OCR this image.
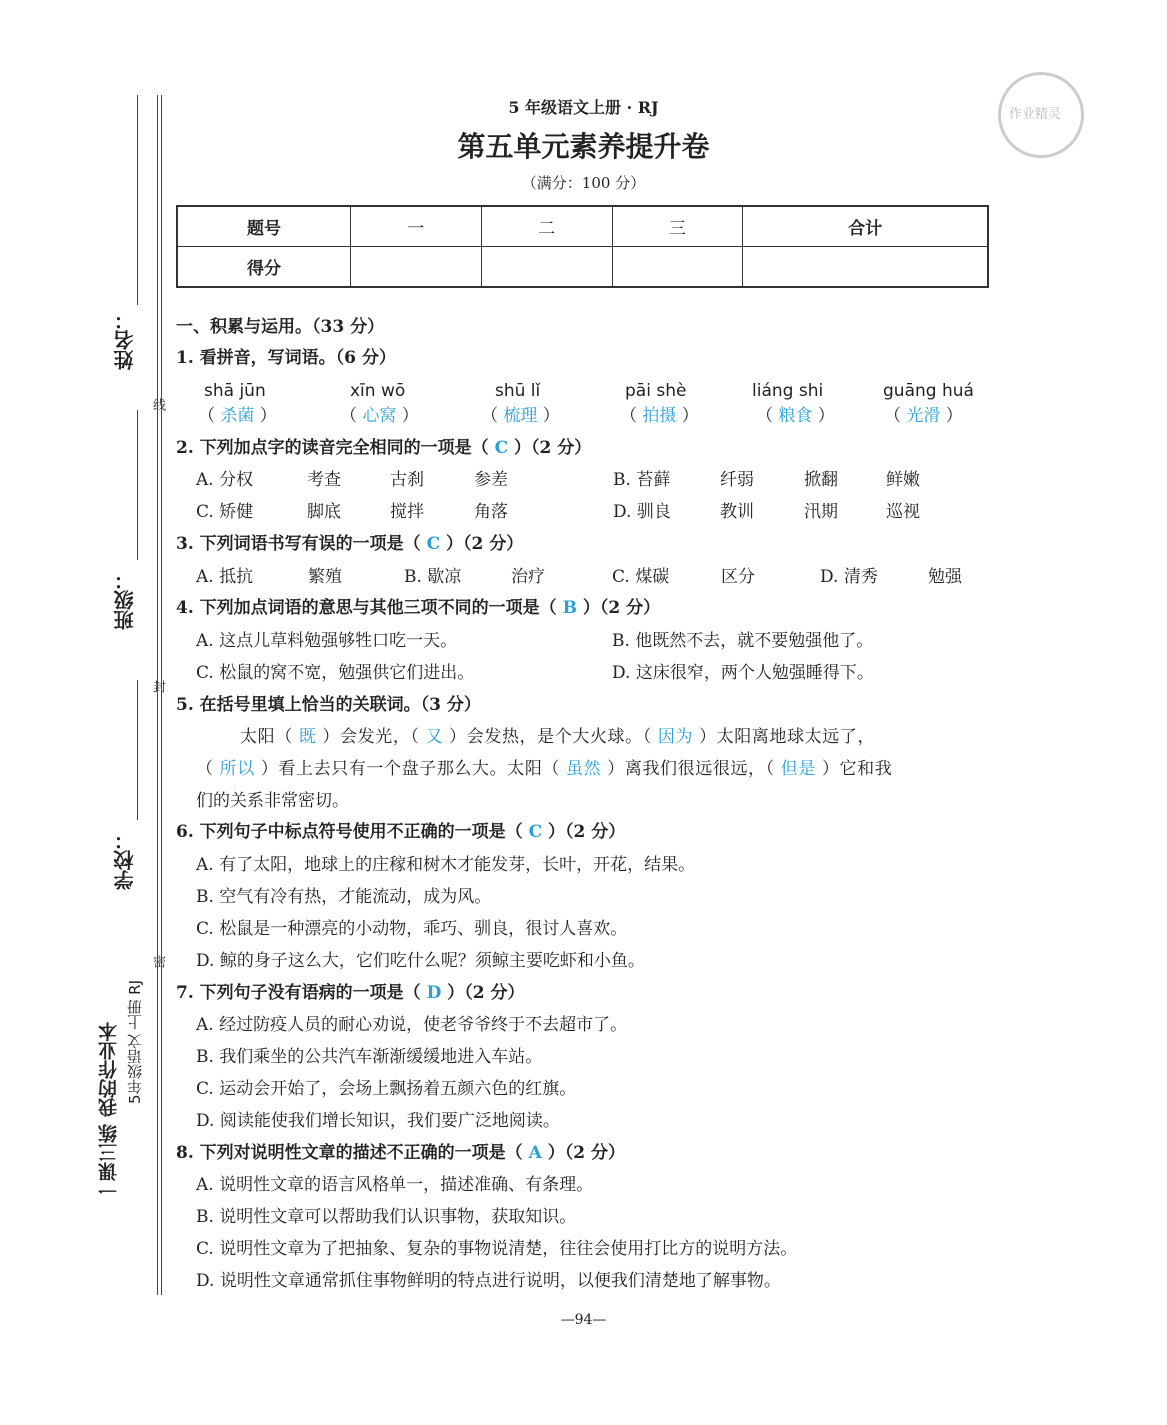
姓名：
线
班级：
封
学校：
密
一课三练 我的作业本 5年级语文 上册 RJ
作业精灵
5 年级语文上册 · RJ
第五单元素养提升卷
（满分：100 分）
题号	一	二	三	合计
得分				
一、积累与运用。（33 分）
1. 看拼音，写词语。（6 分）
shā jūn	xīn wō	shū lǐ	pāi shè	liáng shi	guāng huá
（ 杀菌 ）	（ 心窝 ）	（ 梳理 ）	（ 拍摄 ）	（ 粮食 ）	（ 光滑 ）
2. 下列加点字的读音完全相同的一项是（ C ）（2 分）
A. 分权	考查	古刹	参差	B. 苔藓	纤弱	掀翻	鲜嫩
C. 矫健	脚底	搅拌	角落	D. 驯良	教训	汛期	巡视
3. 下列词语书写有误的一项是（ C ）（2 分）
A. 抵抗	繁殖	B. 歇凉	治疗	C. 煤碳	区分	D. 清秀	勉强
4. 下列加点词语的意思与其他三项不同的一项是（ B ）（2 分）
A. 这点儿草料勉强够牲口吃一天。	B. 他既然不去，就不要勉强他了。
C. 松鼠的窝不宽，勉强供它们进出。	D. 这床很窄，两个人勉强睡得下。
5. 在括号里填上恰当的关联词。（3 分）
太阳（ 既 ）会发光，（ 又 ）会发热，是个大火球。（ 因为 ）太阳离地球太远了，
（ 所以 ）看上去只有一个盘子那么大。太阳（ 虽然 ）离我们很远很远，（ 但是 ）它和我
们的关系非常密切。
6. 下列句子中标点符号使用不正确的一项是（ C ）（2 分）
A. 有了太阳，地球上的庄稼和树木才能发芽，长叶，开花，结果。
B. 空气有冷有热，才能流动，成为风。
C. 松鼠是一种漂亮的小动物，乖巧、驯良，很讨人喜欢。
D. 鲸的身子这么大，它们吃什么呢？须鲸主要吃虾和小鱼。
7. 下列句子没有语病的一项是（ D ）（2 分）
A. 经过防疫人员的耐心劝说，使老爷爷终于不去超市了。
B. 我们乘坐的公共汽车渐渐缓缓地进入车站。
C. 运动会开始了，会场上飘扬着五颜六色的红旗。
D. 阅读能使我们增长知识，我们要广泛地阅读。
8. 下列对说明性文章的描述不正确的一项是（ A ）（2 分）
A. 说明性文章的语言风格单一，描述准确、有条理。
B. 说明性文章可以帮助我们认识事物，获取知识。
C. 说明性文章为了把抽象、复杂的事物说清楚，往往会使用打比方的说明方法。
D. 说明性文章通常抓住事物鲜明的特点进行说明，以便我们清楚地了解事物。
—94—
